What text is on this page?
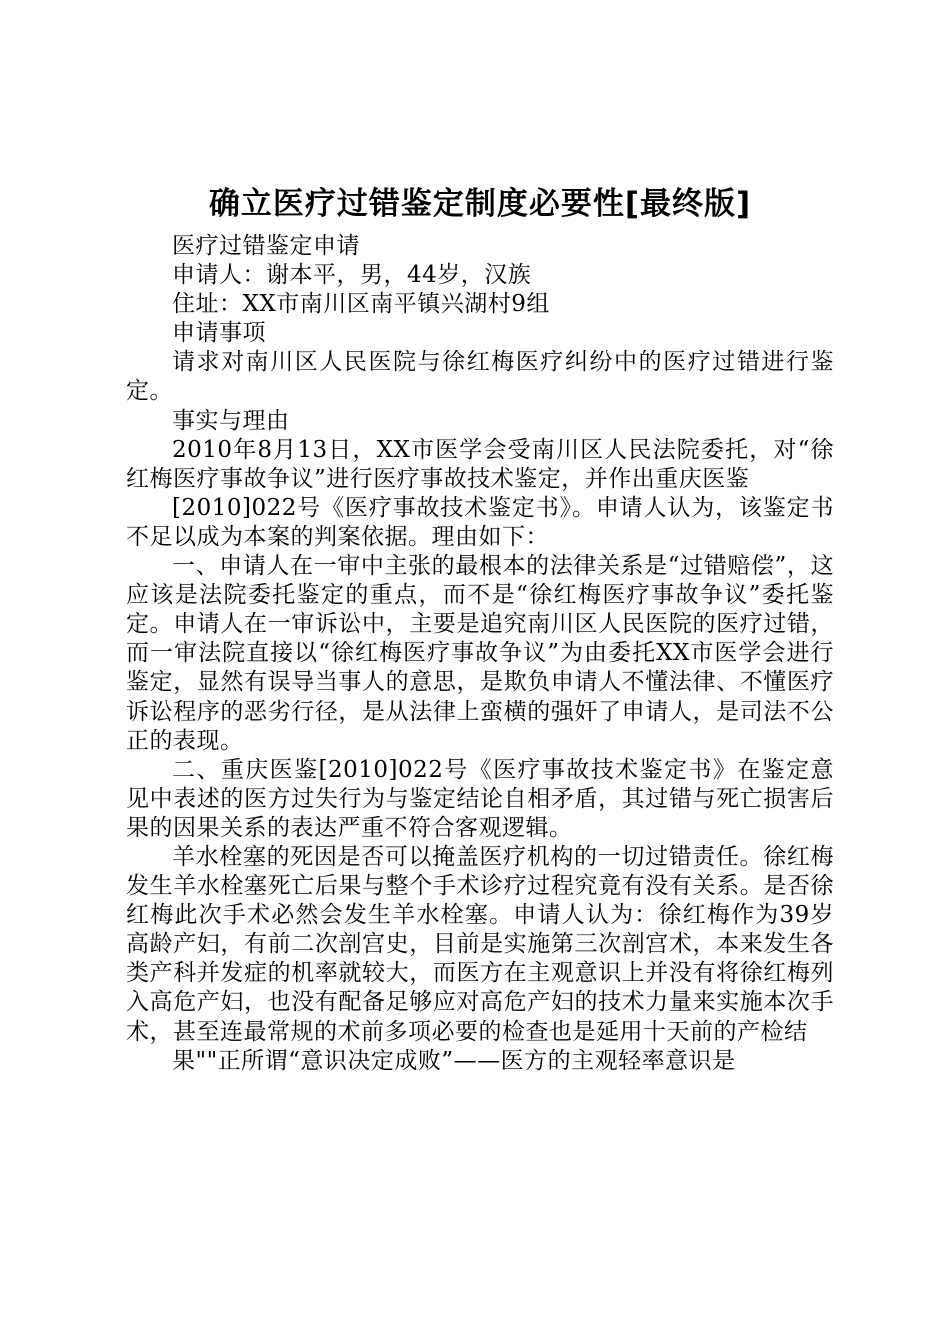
确立医疗过错鉴定制度必要性[最终版]

医疗过错鉴定申请

申请人：谢本平，男，44岁，汉族

住址：XX市南川区南平镇兴湖村9组

申请事项

请求对南川区人民医院与徐红梅医疗纠纷中的医疗过错进行鉴定。

事实与理由

2010年8月13日，XX市医学会受南川区人民法院委托，对“徐红梅医疗事故争议”进行医疗事故技术鉴定，并作出重庆医鉴

[2010]022号《医疗事故技术鉴定书》。申请人认为，该鉴定书不足以成为本案的判案依据。理由如下：

一、申请人在一审中主张的最根本的法律关系是“过错赔偿”，这应该是法院委托鉴定的重点，而不是“徐红梅医疗事故争议”委托鉴定。申请人在一审诉讼中，主要是追究南川区人民医院的医疗过错，而一审法院直接以“徐红梅医疗事故争议”为由委托XX市医学会进行鉴定，显然有误导当事人的意思，是欺负申请人不懂法律、不懂医疗诉讼程序的恶劣行径，是从法律上蛮横的强奸了申请人，是司法不公正的表现。

二、重庆医鉴[2010]022号《医疗事故技术鉴定书》在鉴定意见中表述的医方过失行为与鉴定结论自相矛盾，其过错与死亡损害后果的因果关系的表达严重不符合客观逻辑。

羊水栓塞的死因是否可以掩盖医疗机构的一切过错责任。徐红梅发生羊水栓塞死亡后果与整个手术诊疗过程究竟有没有关系。是否徐红梅此次手术必然会发生羊水栓塞。申请人认为：徐红梅作为39岁高龄产妇，有前二次剖宫史，目前是实施第三次剖宫术，本来发生各类产科并发症的机率就较大，而医方在主观意识上并没有将徐红梅列入高危产妇，也没有配备足够应对高危产妇的技术力量来实施本次手术，甚至连最常规的术前多项必要的检查也是延用十天前的产检结

果""正所谓“意识决定成败”——医方的主观轻率意识是
